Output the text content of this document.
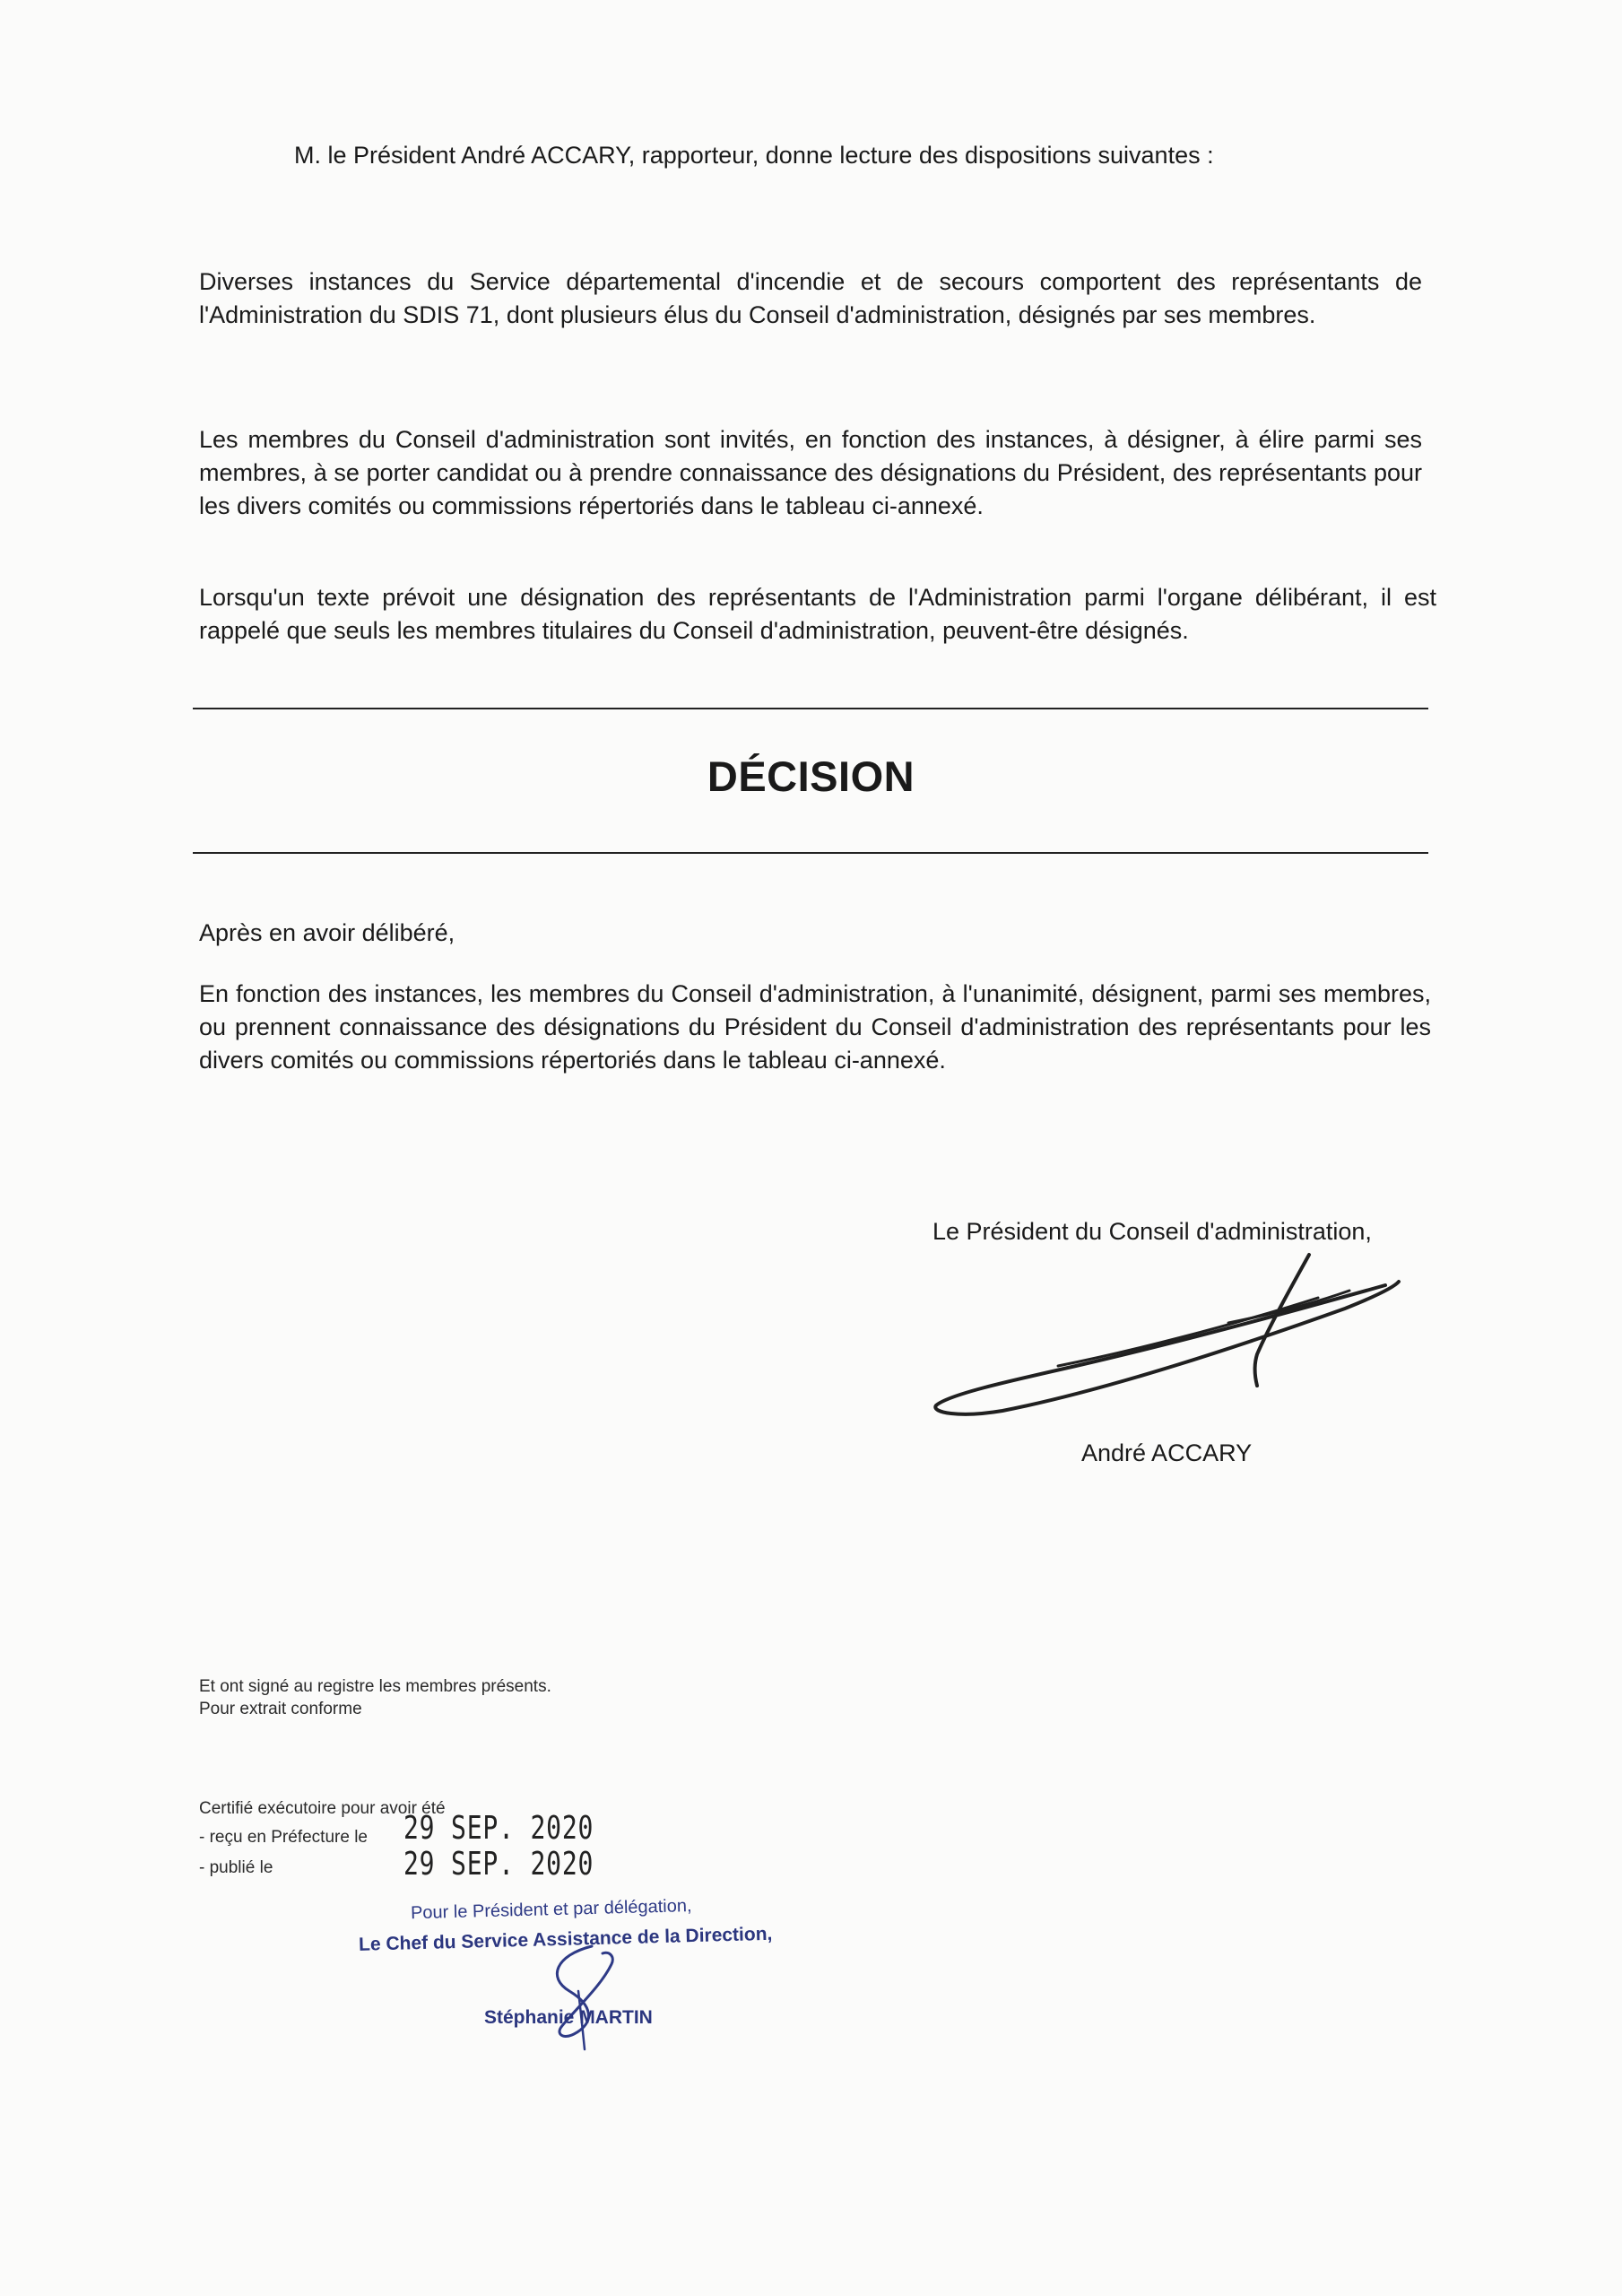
M. le Président André ACCARY, rapporteur, donne lecture des dispositions suivantes :

Diverses instances du Service départemental d'incendie et de secours comportent des représentants de l'Administration du SDIS 71, dont plusieurs élus du Conseil d'administration, désignés par ses membres.

Les membres du Conseil d'administration sont invités, en fonction des instances, à désigner, à élire parmi ses membres, à se porter candidat ou à prendre connaissance des désignations du Président, des représentants pour les divers comités ou commissions répertoriés dans le tableau ci-annexé.

Lorsqu'un texte prévoit une désignation des représentants de l'Administration parmi l'organe délibérant, il est rappelé que seuls les membres titulaires du Conseil d'administration, peuvent-être désignés.

DÉCISION

Après en avoir délibéré,

En fonction des instances, les membres du Conseil d'administration, à l'unanimité, désignent, parmi ses membres, ou prennent connaissance des désignations du Président du Conseil d'administration des représentants pour les divers comités ou commissions répertoriés dans le tableau ci-annexé.

Le Président du Conseil d'administration,

André ACCARY

Et ont signé au registre les membres présents.

Pour extrait conforme

Certifié exécutoire pour avoir été

- reçu en Préfecture le	29 SEP. 2020

- publié le	29 SEP. 2020

Pour le Président et par délégation,

Le Chef du Service Assistance de la Direction,

Stéphanie MARTIN
